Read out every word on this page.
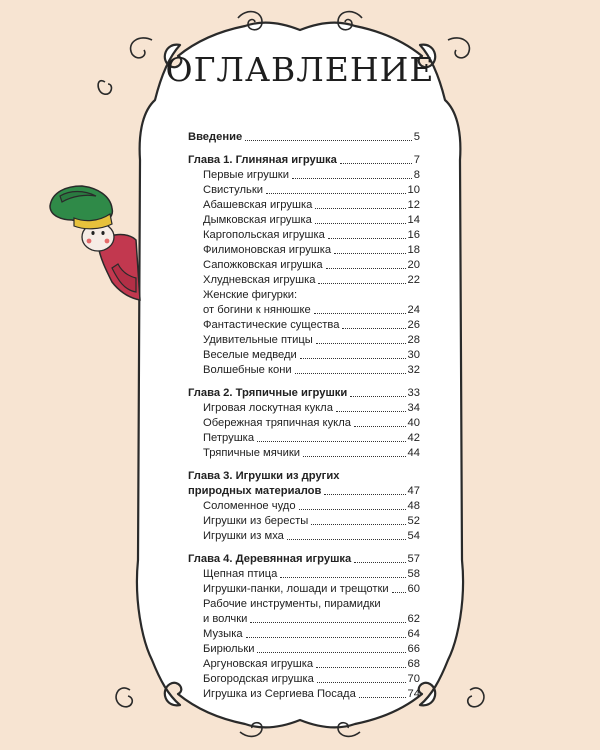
ОГЛАВЛЕНИЕ
Введение	5
Глава 1. Глиняная игрушка	7
Первые игрушки	8
Свистульки	10
Абашевская игрушка	12
Дымковская игрушка	14
Каргопольская игрушка	16
Филимоновская игрушка	18
Сапожковская игрушка	20
Хлудневская игрушка	22
Женские фигурки:
от богини к нянюшке	24
Фантастические существа	26
Удивительные птицы	28
Веселые медведи	30
Волшебные кони	32
Глава 2. Тряпичные игрушки	33
Игровая лоскутная кукла	34
Обережная тряпичная кукла	40
Петрушка	42
Тряпичные мячики	44
Глава 3. Игрушки из других
природных материалов	47
Соломенное чудо	48
Игрушки из бересты	52
Игрушки из мха	54
Глава 4. Деревянная игрушка	57
Щепная птица	58
Игрушки-панки, лошади и трещотки 60
Рабочие инструменты, пирамидки
и волчки	62
Музыка	64
Бирюльки	66
Аргуновская игрушка	68
Богородская игрушка	70
Игрушка из Сергиева Посада	74
